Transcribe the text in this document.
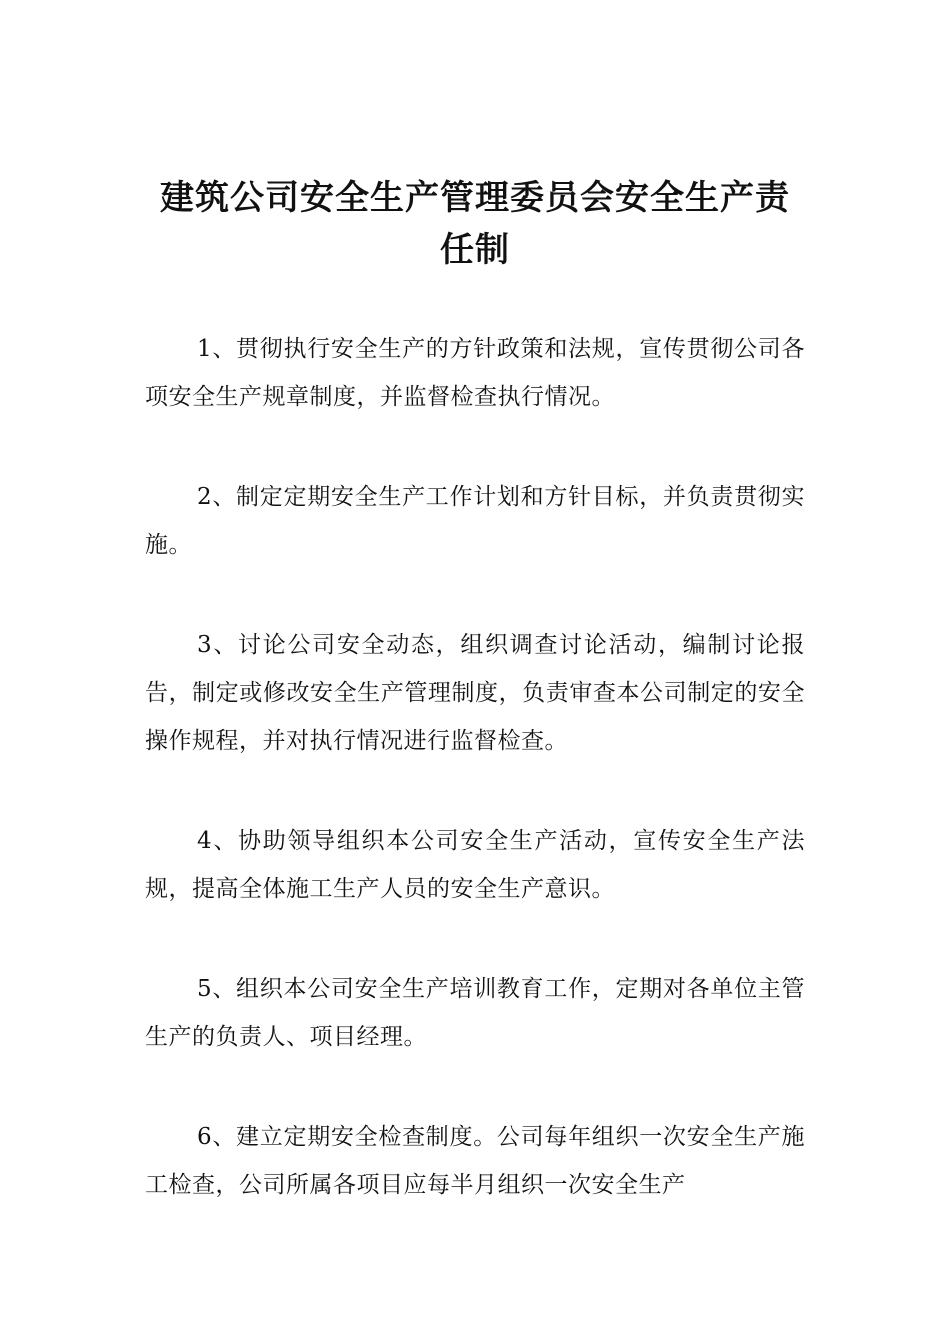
建筑公司安全生产管理委员会安全生产责任制

1、贯彻执行安全生产的方针政策和法规，宣传贯彻公司各项安全生产规章制度，并监督检查执行情况。

2、制定定期安全生产工作计划和方针目标，并负责贯彻实施。

3、讨论公司安全动态，组织调查讨论活动，编制讨论报告，制定或修改安全生产管理制度，负责审查本公司制定的安全操作规程，并对执行情况进行监督检查。

4、协助领导组织本公司安全生产活动，宣传安全生产法规，提高全体施工生产人员的安全生产意识。

5、组织本公司安全生产培训教育工作，定期对各单位主管生产的负责人、项目经理。

6、建立定期安全检查制度。公司每年组织一次安全生产施工检查，公司所属各项目应每半月组织一次安全生产
